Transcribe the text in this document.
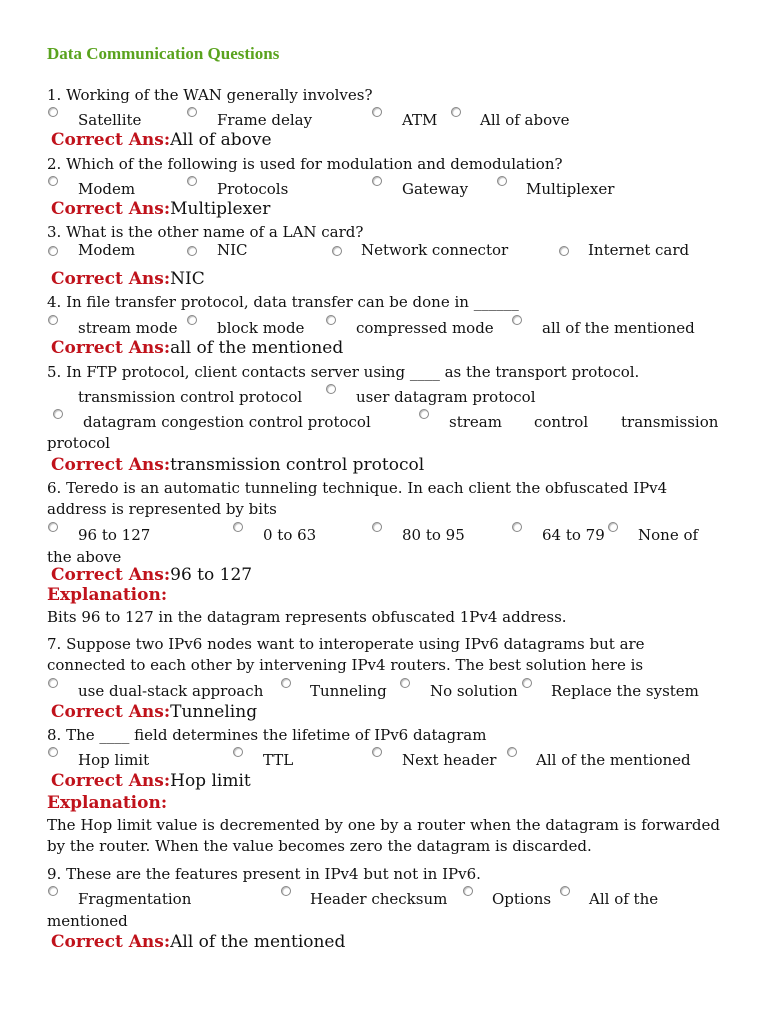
Data Communication Questions
1. Working of the WAN generally involves?
Satellite	Frame delay	ATM	All of above
Correct Ans:All of above
2. Which of the following is used for modulation and demodulation?
Modem	Protocols	Gateway	Multiplexer
Correct Ans:Multiplexer
3. What is the other name of a LAN card?
Modem	NIC	Network connector	Internet card
Correct Ans:NIC
4. In file transfer protocol, data transfer can be done in ______
stream mode	block mode	compressed mode	all of the mentioned
Correct Ans:all of the mentioned
5. In FTP protocol, client contacts server using ____ as the transport protocol.
transmission control protocol	user datagram protocol
datagram congestion control protocol	stream control transmission
protocol
Correct Ans:transmission control protocol
6. Teredo is an automatic tunneling technique. In each client the obfuscated IPv4
address is represented by bits
96 to 127	0 to 63	80 to 95	64 to 79 None of
the above
Correct Ans:96 to 127
Explanation:
Bits 96 to 127 in the datagram represents obfuscated 1Pv4 address.
7. Suppose two IPv6 nodes want to interoperate using IPv6 datagrams but are
connected to each other by intervening IPv4 routers. The best solution here is
use dual-stack approach	Tunneling	No solution Replace the system
Correct Ans:Tunneling
8. The ____ field determines the lifetime of IPv6 datagram
Hop limit	TTL	Next header	All of the mentioned
Correct Ans:Hop limit
Explanation:
The Hop limit value is decremented by one by a router when the datagram is forwarded by the router. When the value becomes zero the datagram is discarded.
9. These are the features present in IPv4 but not in IPv6.
Fragmentation	Header checksum	Options	All of the
mentioned
Correct Ans:All of the mentioned
